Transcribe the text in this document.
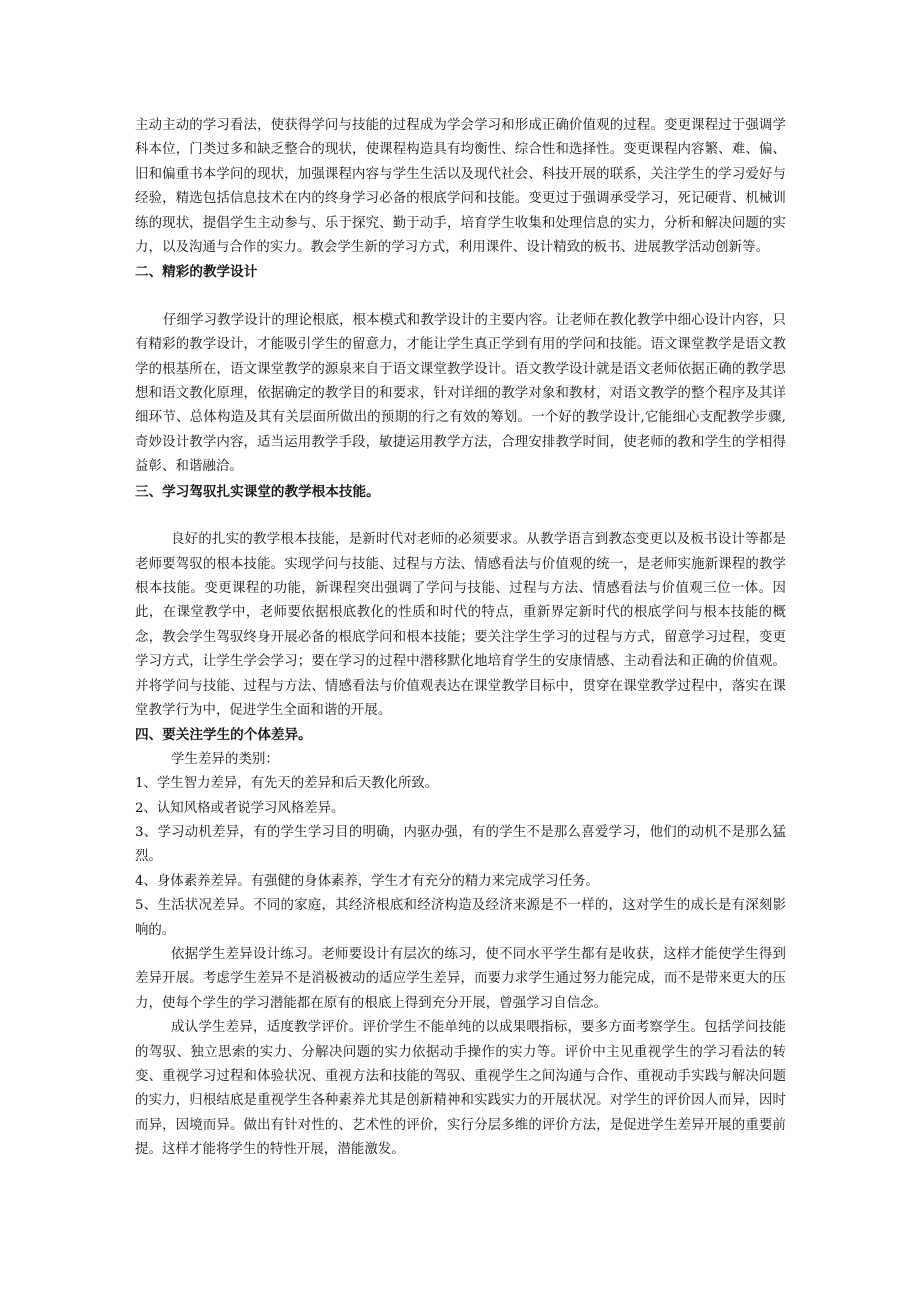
主动主动的学习看法，使获得学问与技能的过程成为学会学习和形成正确价值观的过程。变更课程过于强调学科本位，门类过多和缺乏整合的现状，使课程构造具有均衡性、综合性和选择性。变更课程内容繁、难、偏、旧和偏重书本学问的现状，加强课程内容与学生生活以及现代社会、科技开展的联系，关注学生的学习爱好与经验，精选包括信息技术在内的终身学习必备的根底学问和技能。变更过于强调承受学习，死记硬背、机械训练的现状，提倡学生主动参与、乐于探究、勤于动手，培育学生收集和处理信息的实力，分析和解决问题的实力，以及沟通与合作的实力。教会学生新的学习方式，利用课件、设计精致的板书、进展教学活动创新等。

二、精彩的教学设计

仔细学习教学设计的理论根底，根本模式和教学设计的主要内容。让老师在教化教学中细心设计内容，只有精彩的教学设计，才能吸引学生的留意力，才能让学生真正学到有用的学问和技能。语文课堂教学是语文教学的根基所在，语文课堂教学的源泉来自于语文课堂教学设计。语文教学设计就是语文老师依据正确的教学思想和语文教化原理，依据确定的教学目的和要求，针对详细的教学对象和教材，对语文教学的整个程序及其详细环节、总体构造及其有关层面所做出的预期的行之有效的筹划。一个好的教学设计,它能细心支配教学步骤,奇妙设计教学内容，适当运用教学手段，敏捷运用教学方法，合理安排教学时间，使老师的教和学生的学相得益彰、和谐融洽。

三、学习驾驭扎实课堂的教学根本技能。

良好的扎实的教学根本技能，是新时代对老师的必须要求。从教学语言到教态变更以及板书设计等都是老师要驾驭的根本技能。实现学问与技能、过程与方法、情感看法与价值观的统一，是老师实施新课程的教学根本技能。变更课程的功能，新课程突出强调了学问与技能、过程与方法、情感看法与价值观三位一体。因此，在课堂教学中，老师要依据根底教化的性质和时代的特点，重新界定新时代的根底学问与根本技能的概念，教会学生驾驭终身开展必备的根底学问和根本技能；要关注学生学习的过程与方式，留意学习过程，变更学习方式，让学生学会学习；要在学习的过程中潜移默化地培育学生的安康情感、主动看法和正确的价值观。并将学问与技能、过程与方法、情感看法与价值观表达在课堂教学目标中，贯穿在课堂教学过程中，落实在课堂教学行为中，促进学生全面和谐的开展。

四、要关注学生的个体差异。

学生差异的类别：

1、学生智力差异，有先天的差异和后天教化所致。

2、认知风格或者说学习风格差异。

3、学习动机差异，有的学生学习目的明确，内驱办强，有的学生不是那么喜爱学习，他们的动机不是那么猛烈。

4、身体素养差异。有强健的身体素养，学生才有充分的精力来完成学习任务。

5、生活状况差异。不同的家庭，其经济根底和经济构造及经济来源是不一样的，这对学生的成长是有深刻影响的。

依据学生差异设计练习。老师要设计有层次的练习，使不同水平学生都有是收获，这样才能使学生得到差异开展。考虑学生差异不是消极被动的适应学生差异，而要力求学生通过努力能完成，而不是带来更大的压力，使每个学生的学习潜能都在原有的根底上得到充分开展，曾强学习自信念。

成认学生差异，适度教学评价。评价学生不能单纯的以成果喂指标，要多方面考察学生。包括学问技能的驾驭、独立思索的实力、分解决问题的实力依据动手操作的实力等。评价中主见重视学生的学习看法的转变、重视学习过程和体验状况、重视方法和技能的驾驭、重视学生之间沟通与合作、重视动手实践与解决问题的实力，归根结底是重视学生各种素养尤其是创新精神和实践实力的开展状况。对学生的评价因人而异，因时而异，因境而异。做出有针对性的、艺术性的评价，实行分层多维的评价方法，是促进学生差异开展的重要前提。这样才能将学生的特性开展，潜能激发。
